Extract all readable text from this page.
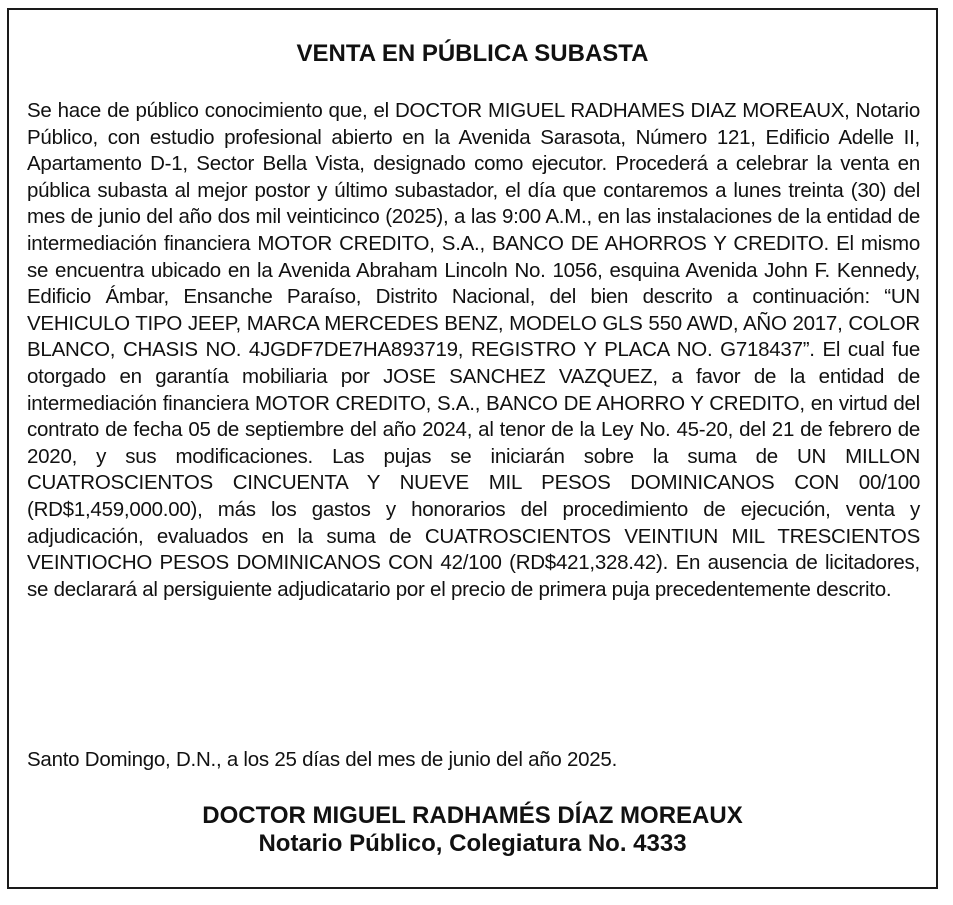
VENTA EN PÚBLICA SUBASTA

Se hace de público conocimiento que, el DOCTOR MIGUEL RADHAMES DIAZ MOREAUX, Notario Público, con estudio profesional abierto en la Avenida Sarasota, Número 121, Edificio Adelle II, Apartamento D-1, Sector Bella Vista, designado como ejecutor. Procederá a celebrar la venta en pública subasta al mejor postor y último subastador, el día que contaremos a lunes treinta (30) del mes de junio del año dos mil veinticinco (2025), a las 9:00 A.M., en las instalaciones de la entidad de intermediación financiera MOTOR CREDITO, S.A., BANCO DE AHORROS Y CREDITO. El mismo se encuentra ubicado en la Avenida Abraham Lincoln No. 1056, esquina Avenida John F. Kennedy, Edificio Ámbar, Ensanche Paraíso, Distrito Nacional, del bien descrito a continuación: “UN VEHICULO TIPO JEEP, MARCA MERCEDES BENZ, MODELO GLS 550 AWD, AÑO 2017, COLOR BLANCO, CHASIS NO. 4JGDF7DE7HA893719, REGISTRO Y PLACA NO. G718437”. El cual fue otorgado en garantía mobiliaria por JOSE SANCHEZ VAZQUEZ, a favor de la entidad de intermediación financiera MOTOR CREDITO, S.A., BANCO DE AHORRO Y CREDITO, en virtud del contrato de fecha 05 de septiembre del año 2024, al tenor de la Ley No. 45-20, del 21 de febrero de 2020, y sus modificaciones. Las pujas se iniciarán sobre la suma de UN MILLON CUATROSCIENTOS CINCUENTA Y NUEVE MIL PESOS DOMINICANOS CON 00/100 (RD$1,459,000.00), más los gastos y honorarios del procedimiento de ejecución, venta y adjudicación, evaluados en la suma de CUATROSCIENTOS VEINTIUN MIL TRESCIENTOS VEINTIOCHO PESOS DOMINICANOS CON 42/100 (RD$421,328.42). En ausencia de licitadores, se declarará al persiguiente adjudicatario por el precio de primera puja precedentemente descrito.

Santo Domingo, D.N., a los 25 días del mes de junio del año 2025.

DOCTOR MIGUEL RADHAMÉS DÍAZ MOREAUX
Notario Público, Colegiatura No. 4333
